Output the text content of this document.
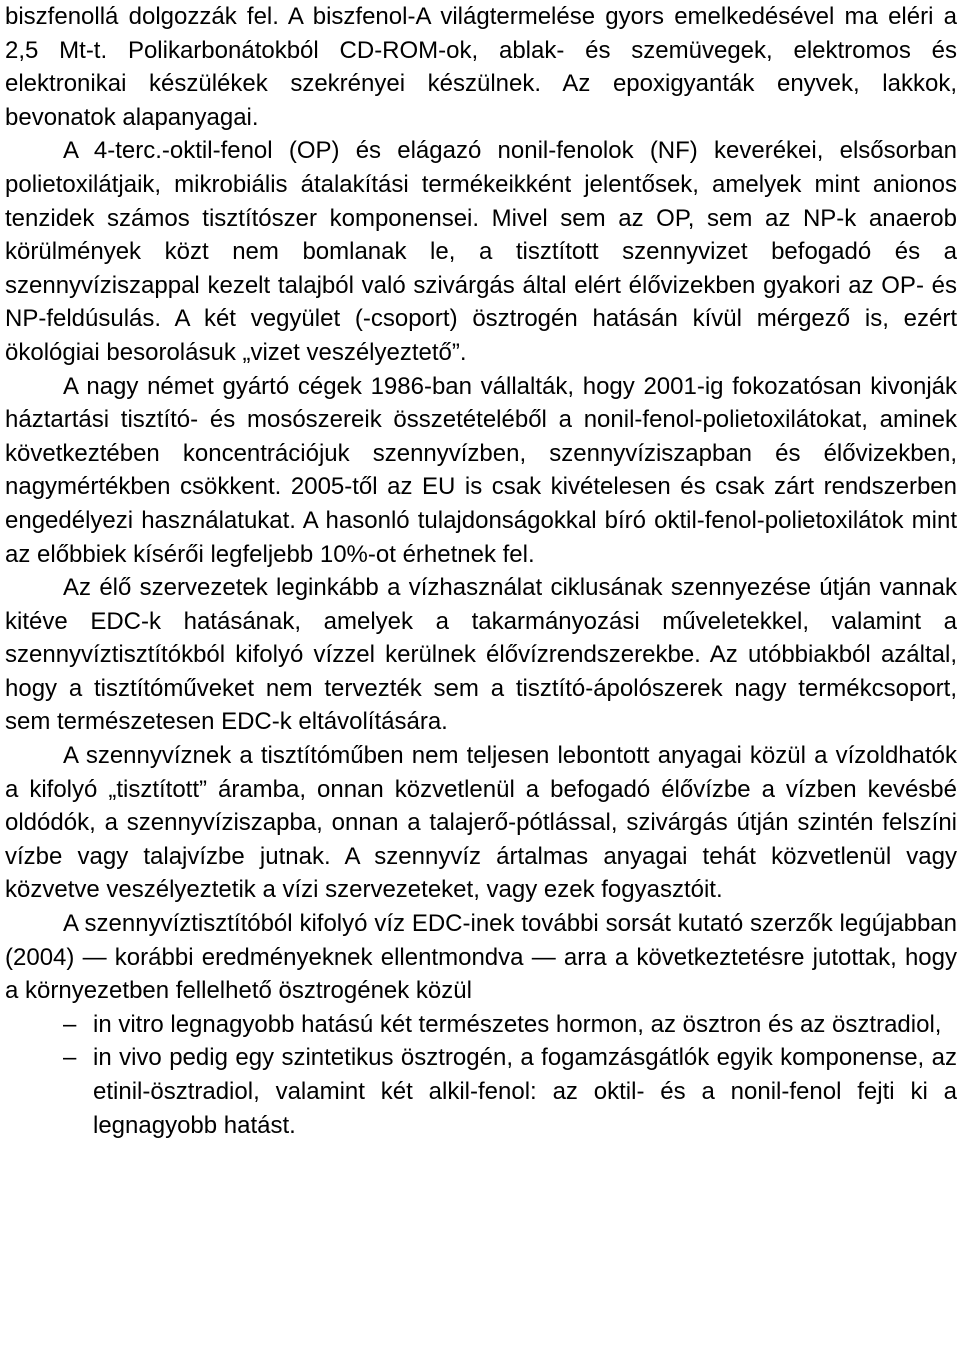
biszfenollá dolgozzák fel. A biszfenol-A világtermelése gyors emelkedésével ma eléri a 2,5 Mt-t. Polikarbonátokból CD-ROM-ok, ablak- és szemüvegek, elektromos és elektronikai készülékek szekrényei készülnek. Az epoxigyanták enyvek, lakkok, bevonatok alapanyagai.

A 4-terc.-oktil-fenol (OP) és elágazó nonil-fenolok (NF) keverékei, elsősorban polietoxilátjaik, mikrobiális átalakítási termékeikként jelentősek, amelyek mint anionos tenzidek számos tisztítószer komponensei. Mivel sem az OP, sem az NP-k anaerob körülmények közt nem bomlanak le, a tisztított szennyvizet befogadó és a szennyvíziszappal kezelt talajból való szivárgás által elért élővizekben gyakori az OP- és NP-feldúsulás. A két vegyület (-csoport) ösztrogén hatásán kívül mérgező is, ezért ökológiai besorolásuk „vizet veszélyeztető”.

A nagy német gyártó cégek 1986-ban vállalták, hogy 2001-ig fokozatósan kivonják háztartási tisztító- és mosószereik összetételéből a nonil-fenol-polietoxilátokat, aminek következtében koncentrációjuk szennyvízben, szennyvíziszapban és élővizekben, nagymértékben csökkent. 2005-től az EU is csak kivételesen és csak zárt rendszerben engedélyezi használatukat. A hasonló tulajdonságokkal bíró oktil-fenol-polietoxilátok mint az előbbiek kísérői legfeljebb 10%-ot érhetnek fel.

Az élő szervezetek leginkább a vízhasználat ciklusának szennyezése útján vannak kitéve EDC-k hatásának, amelyek a takarmányozási műveletekkel, valamint a szennyvíztisztítókból kifolyó vízzel kerülnek élővízrendszerekbe. Az utóbbiakból azáltal, hogy a tisztítóműveket nem tervezték sem a tisztító-ápolószerek nagy termékcsoport, sem természetesen EDC-k eltávolítására.

A szennyvíznek a tisztítóműben nem teljesen lebontott anyagai közül a vízoldhatók a kifolyó „tisztított” áramba, onnan közvetlenül a befogadó élővízbe a vízben kevésbé oldódók, a szennyvíziszapba, onnan a talajerő-pótlással, szivárgás útján szintén felszíni vízbe vagy talajvízbe jutnak. A szennyvíz ártalmas anyagai tehát közvetlenül vagy közvetve veszélyeztetik a vízi szervezeteket, vagy ezek fogyasztóit.

A szennyvíztisztítóból kifolyó víz EDC-inek további sorsát kutató szerzők legújabban (2004) — korábbi eredményeknek ellentmondva — arra a következtetésre jutottak, hogy a környezetben fellelhető ösztrogének közül

– in vitro legnagyobb hatású két természetes hormon, az ösztron és az ösztradiol,
– in vivo pedig egy szintetikus ösztrogén, a fogamzásgátlók egyik komponense, az etinil-ösztradiol, valamint két alkil-fenol: az oktil- és a nonil-fenol fejti ki a legnagyobb hatást.
